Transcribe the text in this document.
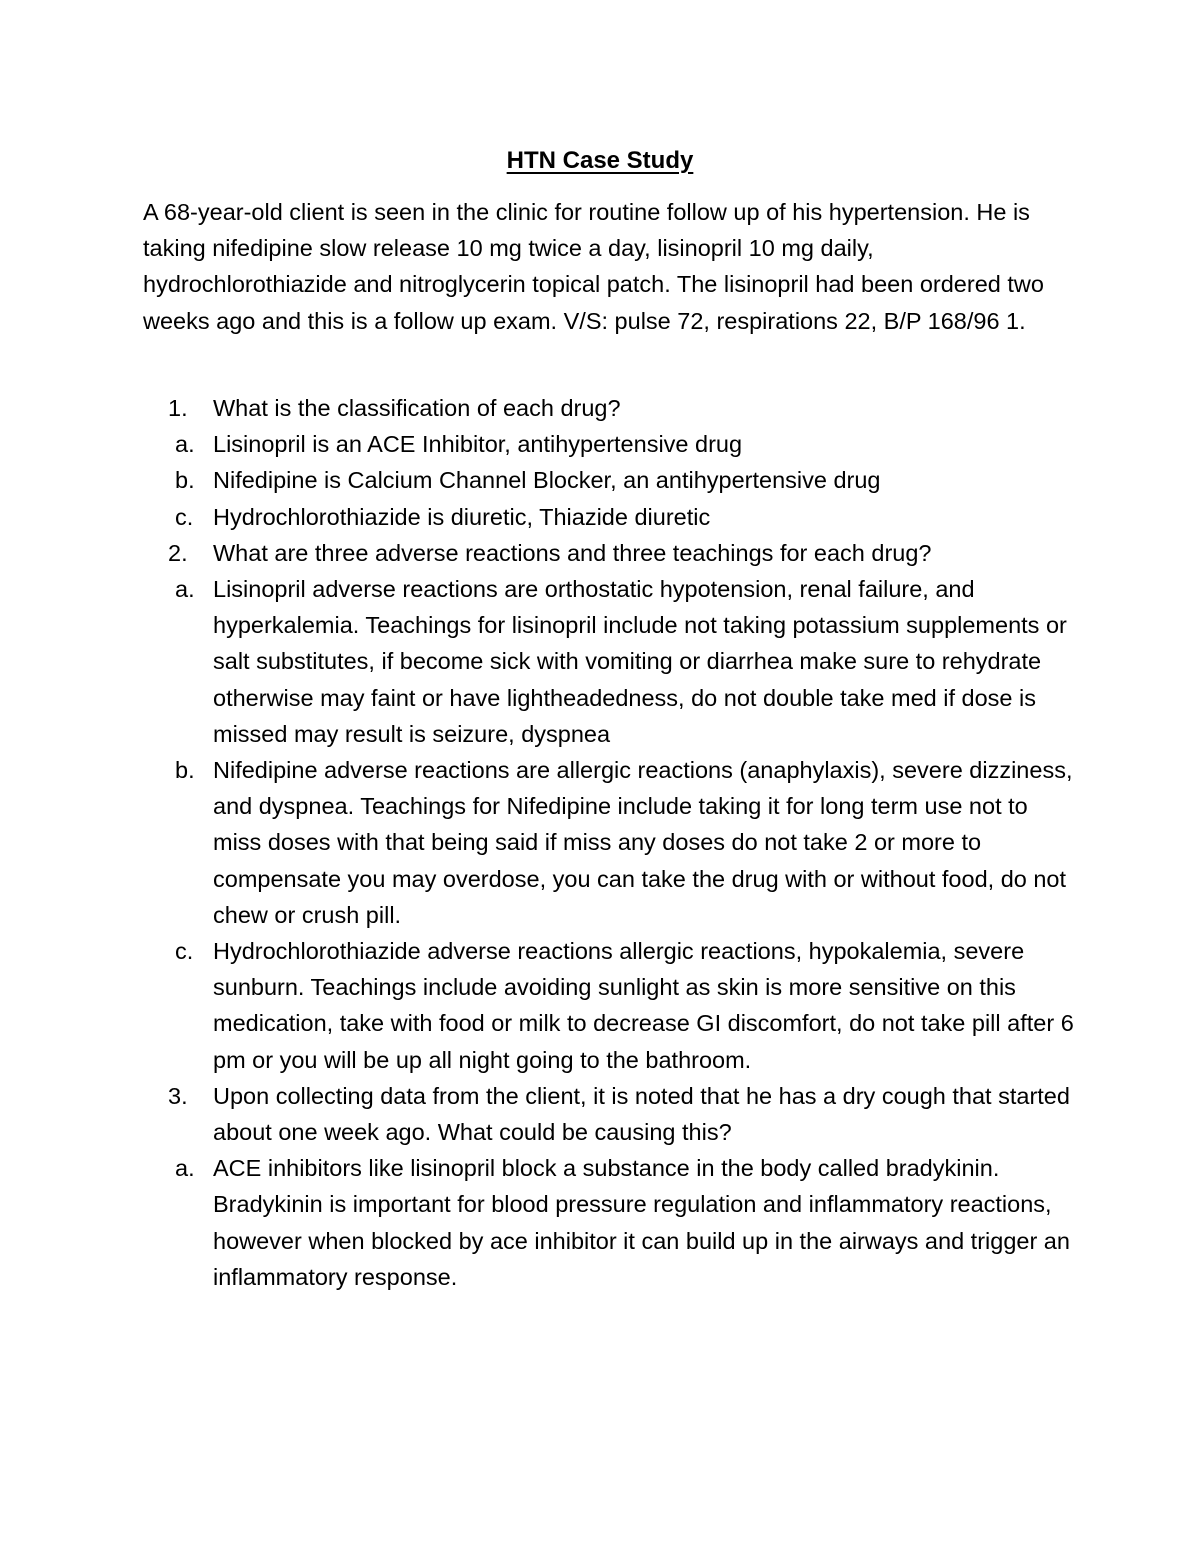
HTN Case Study

A 68-year-old client is seen in the clinic for routine follow up of his hypertension. He is taking nifedipine slow release 10 mg twice a day, lisinopril 10 mg daily, hydrochlorothiazide and nitroglycerin topical patch. The lisinopril had been ordered two weeks ago and this is a follow up exam. V/S: pulse 72, respirations 22, B/P 168/96 1.

1. What is the classification of each drug?
a. Lisinopril is an ACE Inhibitor, antihypertensive drug
b. Nifedipine is Calcium Channel Blocker, an antihypertensive drug
c. Hydrochlorothiazide is diuretic, Thiazide diuretic
2. What are three adverse reactions and three teachings for each drug?
a. Lisinopril adverse reactions are orthostatic hypotension, renal failure, and hyperkalemia. Teachings for lisinopril include not taking potassium supplements or salt substitutes, if become sick with vomiting or diarrhea make sure to rehydrate otherwise may faint or have lightheadedness, do not double take med if dose is missed may result is seizure, dyspnea
b. Nifedipine adverse reactions are allergic reactions (anaphylaxis), severe dizziness, and dyspnea. Teachings for Nifedipine include taking it for long term use not to miss doses with that being said if miss any doses do not take 2 or more to compensate you may overdose, you can take the drug with or without food, do not chew or crush pill.
c. Hydrochlorothiazide adverse reactions allergic reactions, hypokalemia, severe sunburn. Teachings include avoiding sunlight as skin is more sensitive on this medication, take with food or milk to decrease GI discomfort, do not take pill after 6 pm or you will be up all night going to the bathroom.
3. Upon collecting data from the client, it is noted that he has a dry cough that started about one week ago. What could be causing this?
a. ACE inhibitors like lisinopril block a substance in the body called bradykinin. Bradykinin is important for blood pressure regulation and inflammatory reactions, however when blocked by ace inhibitor it can build up in the airways and trigger an inflammatory response.
